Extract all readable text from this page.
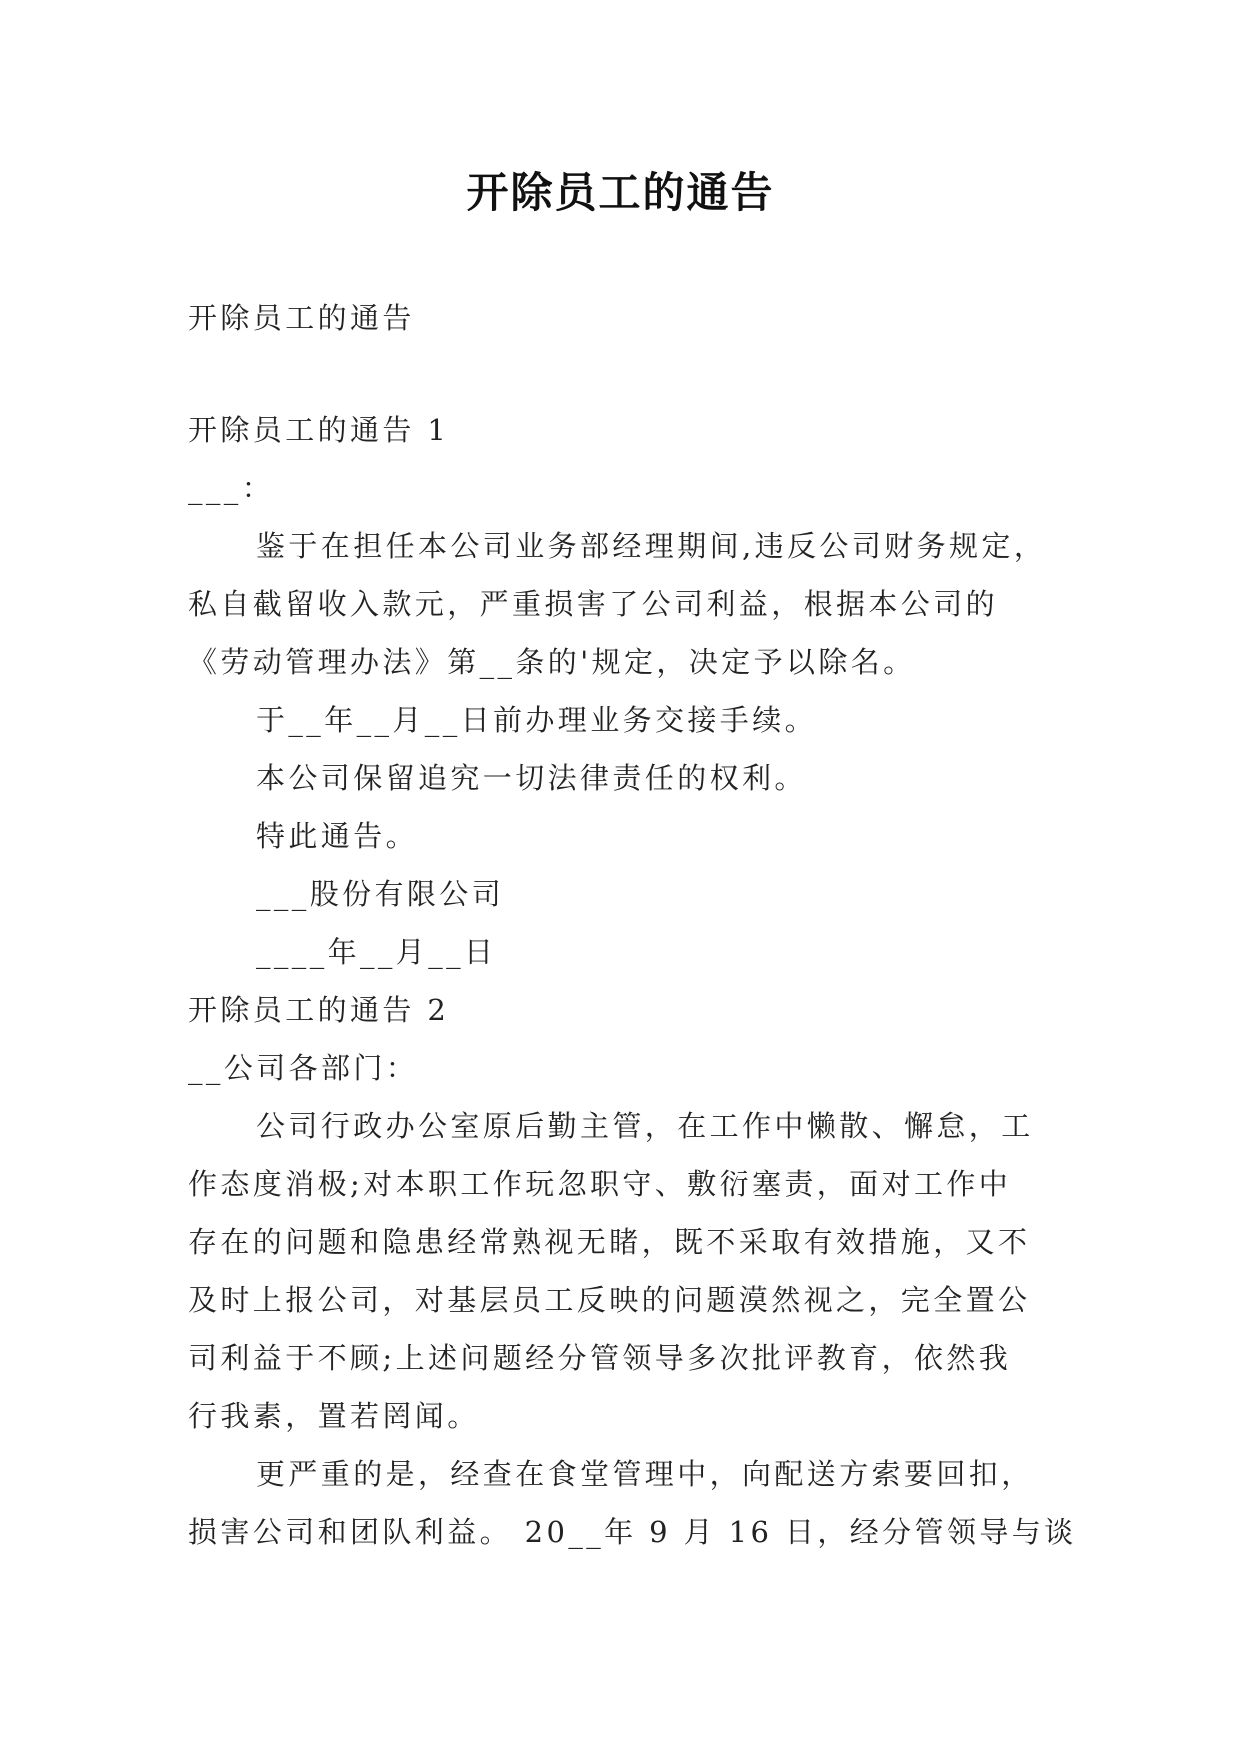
开除员工的通告

开除员工的通告

开除员工的通告 1

___：

鉴于在担任本公司业务部经理期间,违反公司财务规定，

私自截留收入款元，严重损害了公司利益，根据本公司的

《劳动管理办法》第__条的'规定，决定予以除名。

于__年__月__日前办理业务交接手续。

本公司保留追究一切法律责任的权利。

特此通告。

___股份有限公司

____年__月__日

开除员工的通告 2

__公司各部门：

公司行政办公室原后勤主管，在工作中懒散、懈怠，工

作态度消极;对本职工作玩忽职守、敷衍塞责，面对工作中

存在的问题和隐患经常熟视无睹，既不采取有效措施，又不

及时上报公司，对基层员工反映的问题漠然视之，完全置公

司利益于不顾;上述问题经分管领导多次批评教育，依然我

行我素，置若罔闻。

更严重的是，经查在食堂管理中，向配送方索要回扣，

损害公司和团队利益。 20__年 9 月 16 日，经分管领导与谈
